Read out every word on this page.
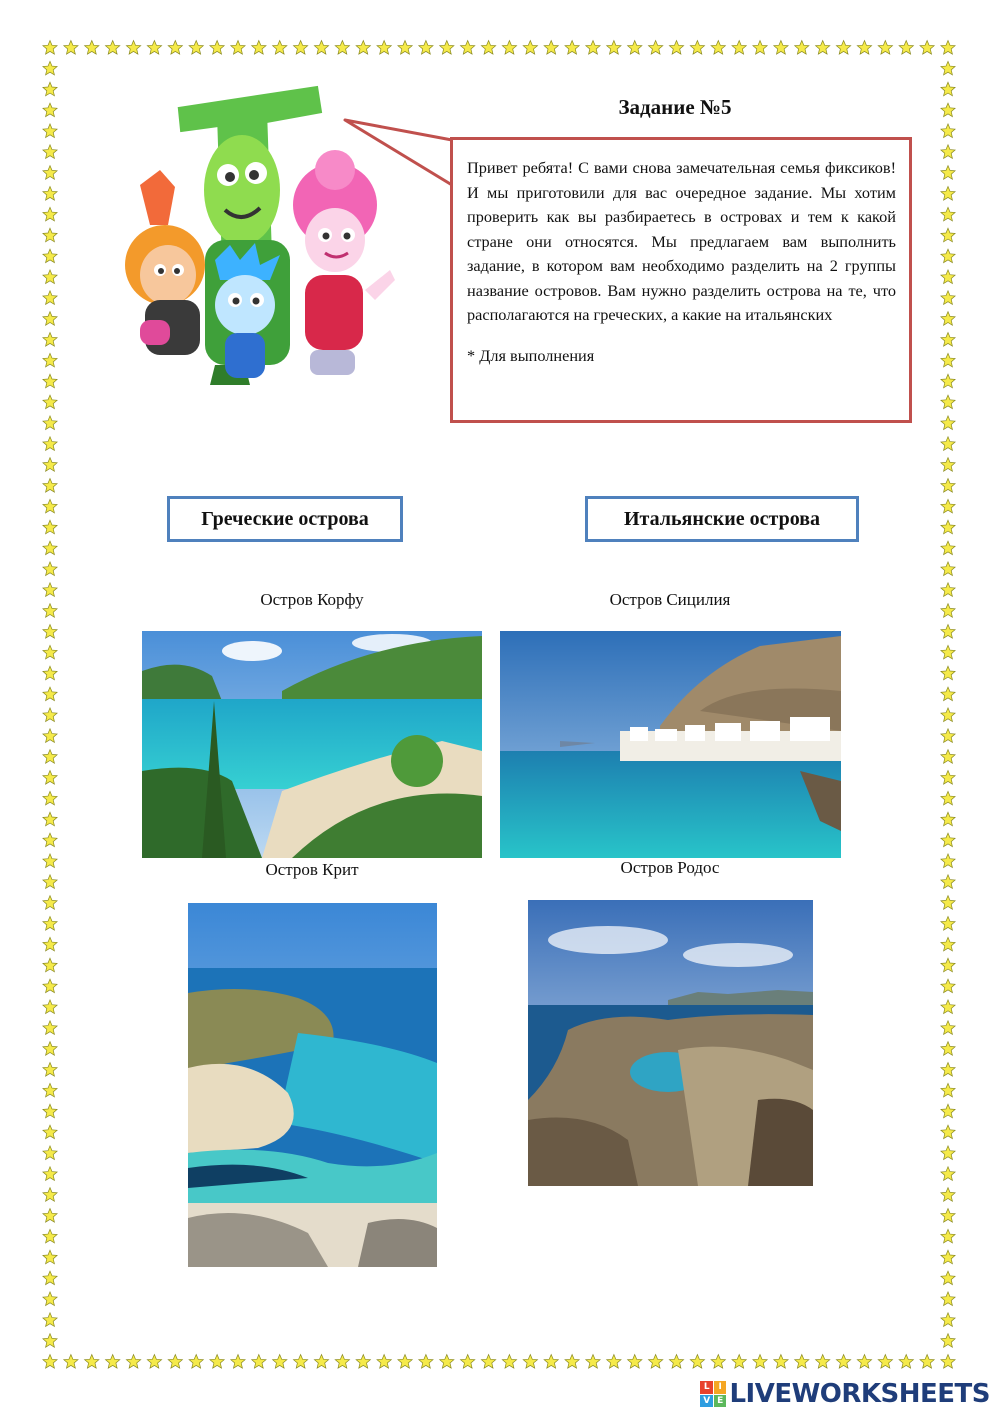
Задание №5

Привет ребята! С вами снова замечательная семья фиксиков! И мы приготовили для вас очередное задание. Мы хотим проверить как вы разбираетесь в островах и тем к какой стране они относятся. Мы предлагаем вам выполнить задание, в котором вам необходимо разделить на 2 группы название островов. Вам нужно разделить острова на те, что располагаются на греческих, а какие на итальянских

* Для выполнения

Греческие острова	Итальянские острова
Остров Корфу	Остров Сицилия
Остров Крит	Остров Родос
L I
V E LIVEWORKSHEETS
